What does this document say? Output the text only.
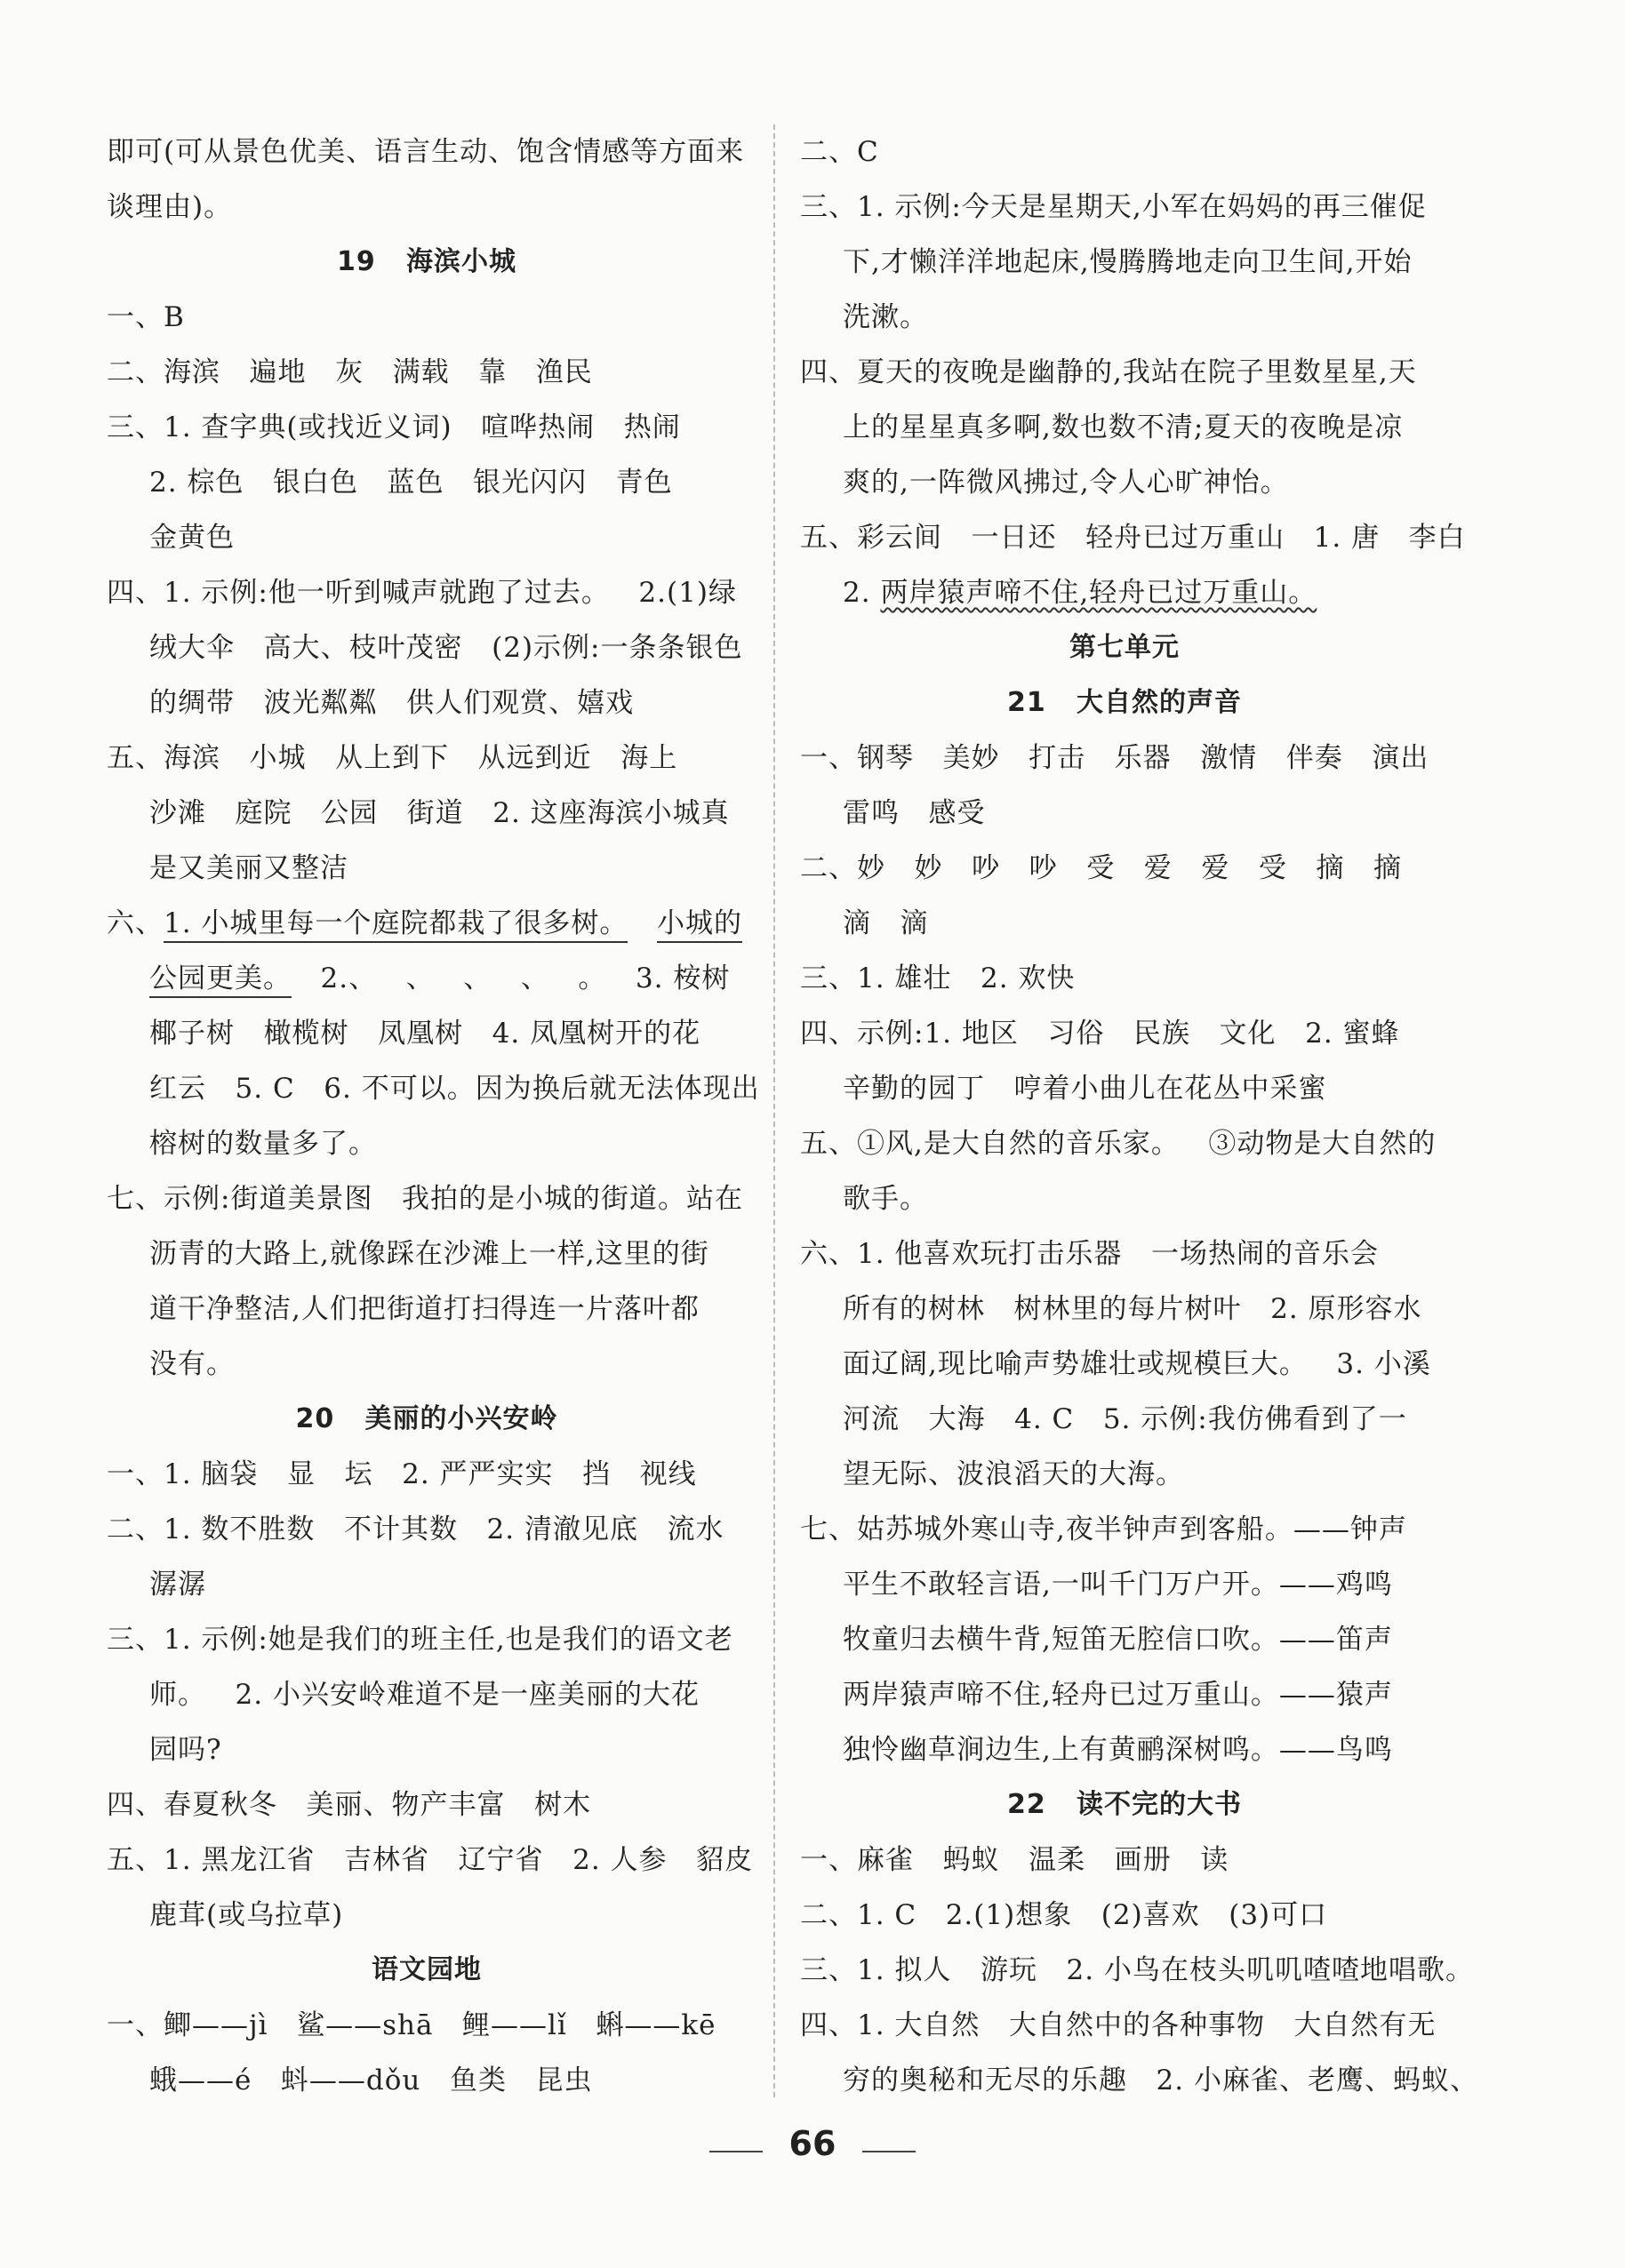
即可(可从景色优美、语言生动、饱含情感等方面来
谈理由)。
19   海滨小城
一、B
二、海滨   遍地   灰   满载   靠   渔民
三、1. 查字典(或找近义词)   喧哗热闹   热闹
2. 棕色   银白色   蓝色   银光闪闪   青色
金黄色
四、1. 示例:他一听到喊声就跑了过去。   2.(1)绿
绒大伞   高大、枝叶茂密   (2)示例:一条条银色
的绸带   波光粼粼   供人们观赏、嬉戏
五、海滨   小城   从上到下   从远到近   海上
沙滩   庭院   公园   街道   2. 这座海滨小城真
是又美丽又整洁
六、1. 小城里每一个庭院都栽了很多树。 小城的
公园更美。   2.、   、   、   、   。   3. 桉树
椰子树   橄榄树   凤凰树   4. 凤凰树开的花
红云   5. C   6. 不可以。因为换后就无法体现出
榕树的数量多了。
七、示例:街道美景图   我拍的是小城的街道。站在
沥青的大路上,就像踩在沙滩上一样,这里的街
道干净整洁,人们把街道打扫得连一片落叶都
没有。
20   美丽的小兴安岭
一、1. 脑袋   显   坛   2. 严严实实   挡   视线
二、1. 数不胜数   不计其数   2. 清澈见底   流水
潺潺
三、1. 示例:她是我们的班主任,也是我们的语文老
师。   2. 小兴安岭难道不是一座美丽的大花
园吗?
四、春夏秋冬   美丽、物产丰富   树木
五、1. 黑龙江省   吉林省   辽宁省   2. 人参   貂皮
鹿茸(或乌拉草)
语文园地
一、鲫——jì   鲨——shā   鲤——lǐ   蝌——kē
蛾——é   蚪——dǒu   鱼类   昆虫
二、C
三、1. 示例:今天是星期天,小军在妈妈的再三催促
下,才懒洋洋地起床,慢腾腾地走向卫生间,开始
洗漱。
四、夏天的夜晚是幽静的,我站在院子里数星星,天
上的星星真多啊,数也数不清;夏天的夜晚是凉
爽的,一阵微风拂过,令人心旷神怡。
五、彩云间   一日还   轻舟已过万重山   1. 唐   李白
2. 两岸猿声啼不住,轻舟已过万重山。
第七单元
21   大自然的声音
一、钢琴   美妙   打击   乐器   激情   伴奏   演出
雷鸣   感受
二、妙   妙   吵   吵   受   爱   爱   受   摘   摘
滴   滴
三、1. 雄壮   2. 欢快
四、示例:1. 地区   习俗   民族   文化   2. 蜜蜂
辛勤的园丁   哼着小曲儿在花丛中采蜜
五、①风,是大自然的音乐家。   ③动物是大自然的
歌手。
六、1. 他喜欢玩打击乐器   一场热闹的音乐会
所有的树林   树林里的每片树叶   2. 原形容水
面辽阔,现比喻声势雄壮或规模巨大。   3. 小溪
河流   大海   4. C   5. 示例:我仿佛看到了一
望无际、波浪滔天的大海。
七、姑苏城外寒山寺,夜半钟声到客船。——钟声
平生不敢轻言语,一叫千门万户开。——鸡鸣
牧童归去横牛背,短笛无腔信口吹。——笛声
两岸猿声啼不住,轻舟已过万重山。——猿声
独怜幽草涧边生,上有黄鹂深树鸣。——鸟鸣
22   读不完的大书
一、麻雀   蚂蚁   温柔   画册   读
二、1. C   2.(1)想象   (2)喜欢   (3)可口
三、1. 拟人   游玩   2. 小鸟在枝头叽叽喳喳地唱歌。
四、1. 大自然   大自然中的各种事物   大自然有无
穷的奥秘和无尽的乐趣   2. 小麻雀、老鹰、蚂蚁、
66
